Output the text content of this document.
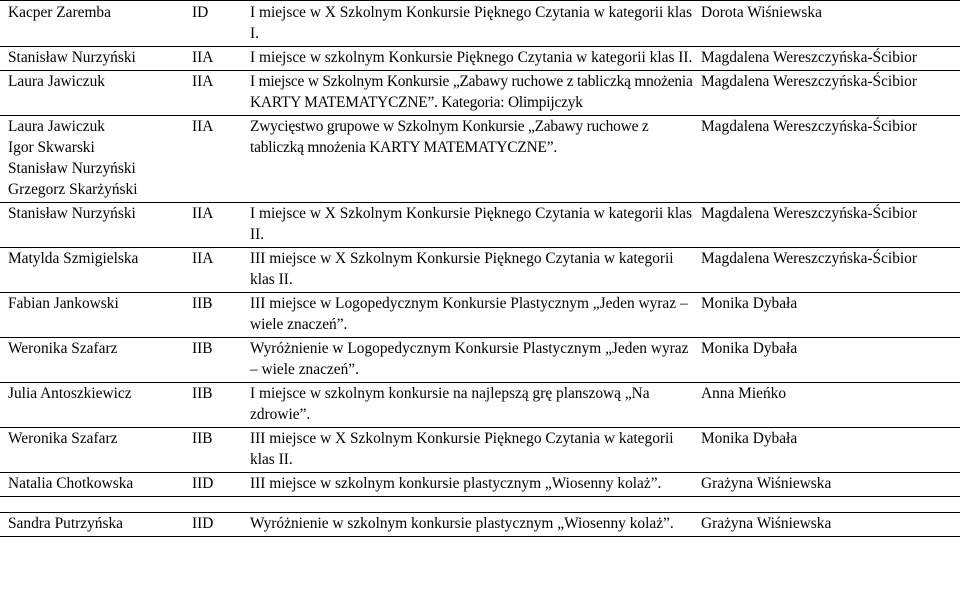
Kacper Zaremba	ID	I miejsce w X Szkolnym Konkursie Pięknego Czytania w kategorii klas I.	Dorota Wiśniewska

Stanisław Nurzyński	IIA	I miejsce w szkolnym Konkursie Pięknego Czytania w kategorii klas II.	Magdalena Wereszczyńska-Ścibior

Laura Jawiczuk	IIA	I miejsce w Szkolnym Konkursie „Zabawy ruchowe z tabliczką mnożenia KARTY MATEMATYCZNE”. Kategoria: Olimpijczyk	Magdalena Wereszczyńska-Ścibior

Laura Jawiczuk
Igor Skwarski
Stanisław Nurzyński
Grzegorz Skarżyński	IIA	Zwycięstwo grupowe w Szkolnym Konkursie „Zabawy ruchowe z tabliczką mnożenia KARTY MATEMATYCZNE”.	Magdalena Wereszczyńska-Ścibior

Stanisław Nurzyński	IIA	I miejsce w X Szkolnym Konkursie Pięknego Czytania w kategorii klas II.	Magdalena Wereszczyńska-Ścibior

Matylda Szmigielska	IIA	III miejsce w X Szkolnym Konkursie Pięknego Czytania w kategorii klas II.	Magdalena Wereszczyńska-Ścibior

Fabian Jankowski	IIB	III miejsce w Logopedycznym Konkursie Plastycznym „Jeden wyraz – wiele znaczeń”.	Monika Dybała

Weronika Szafarz	IIB	Wyróżnienie w Logopedycznym Konkursie Plastycznym „Jeden wyraz – wiele znaczeń”.	Monika Dybała

Julia Antoszkiewicz	IIB	I miejsce w szkolnym konkursie na najlepszą grę planszową „Na zdrowie”.	Anna Mieńko

Weronika Szafarz	IIB	III miejsce w X Szkolnym Konkursie Pięknego Czytania w kategorii klas II.	Monika Dybała

Natalia Chotkowska	IID	III miejsce w szkolnym konkursie plastycznym „Wiosenny kolaż”.	Grażyna Wiśniewska

Sandra Putrzyńska	IID	Wyróżnienie w szkolnym konkursie plastycznym „Wiosenny kolaż”.	Grażyna Wiśniewska
